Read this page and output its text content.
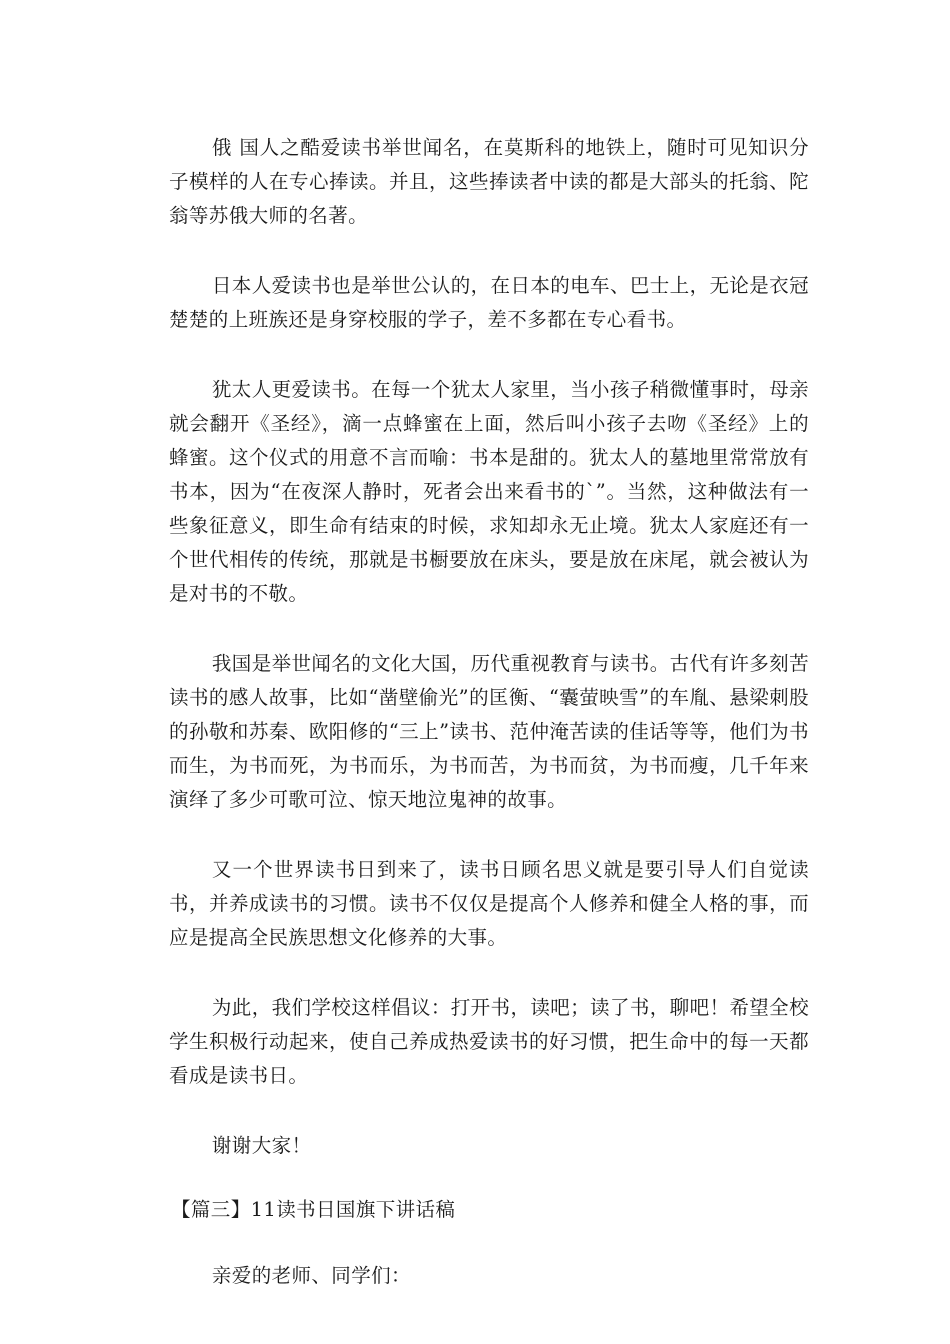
俄 国人之酷爱读书举世闻名，在莫斯科的地铁上，随时可见知识分子模样的人在专心捧读。并且，这些捧读者中读的都是大部头的托翁、陀翁等苏俄大师的名著。

日本人爱读书也是举世公认的，在日本的电车、巴士上，无论是衣冠楚楚的上班族还是身穿校服的学子，差不多都在专心看书。

犹太人更爱读书。在每一个犹太人家里，当小孩子稍微懂事时，母亲就会翻开《圣经》，滴一点蜂蜜在上面，然后叫小孩子去吻《圣经》上的蜂蜜。这个仪式的用意不言而喻：书本是甜的。犹太人的墓地里常常放有书本，因为“在夜深人静时，死者会出来看书的`”。当然，这种做法有一些象征意义，即生命有结束的时候，求知却永无止境。犹太人家庭还有一个世代相传的传统，那就是书橱要放在床头，要是放在床尾，就会被认为是对书的不敬。

我国是举世闻名的文化大国，历代重视教育与读书。古代有许多刻苦读书的感人故事，比如“凿壁偷光”的匡衡、“囊萤映雪”的车胤、悬梁刺股的孙敬和苏秦、欧阳修的“三上”读书、范仲淹苦读的佳话等等，他们为书而生，为书而死，为书而乐，为书而苦，为书而贫，为书而瘦，几千年来演绎了多少可歌可泣、惊天地泣鬼神的故事。

又一个世界读书日到来了，读书日顾名思义就是要引导人们自觉读书，并养成读书的习惯。读书不仅仅是提高个人修养和健全人格的事，而应是提高全民族思想文化修养的大事。

为此，我们学校这样倡议：打开书，读吧；读了书，聊吧！希望全校学生积极行动起来，使自己养成热爱读书的好习惯，把生命中的每一天都看成是读书日。

谢谢大家！

【篇三】11读书日国旗下讲话稿

亲爱的老师、同学们：
